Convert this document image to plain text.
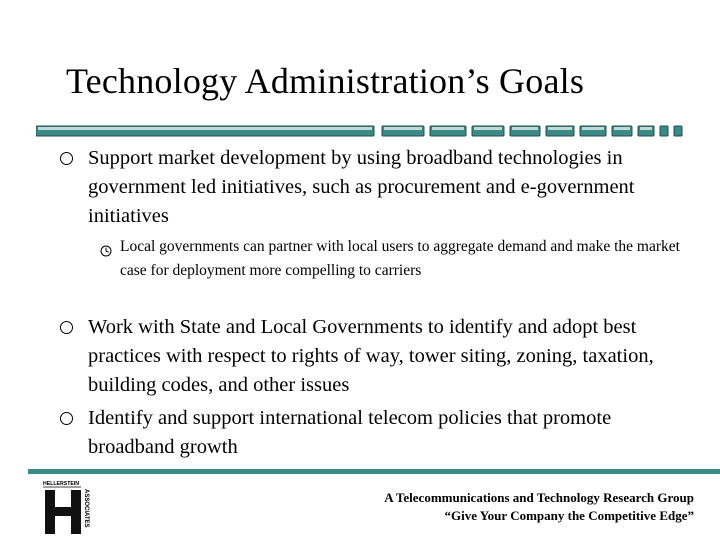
Technology Administration’s Goals
Support market development by using broadband technologies in government led initiatives, such as procurement and e-government initiatives
Local governments can partner with local users to aggregate demand and make the market case for deployment more compelling to carriers
Work with State and Local Governments to identify and adopt best practices with respect to rights of way, tower siting, zoning, taxation, building codes, and other issues
Identify and support international telecom policies that promote broadband growth
HELLERSTEIN
ASSOCIATES	A Telecommunications and Technology Research Group
“Give Your Company the Competitive Edge”
